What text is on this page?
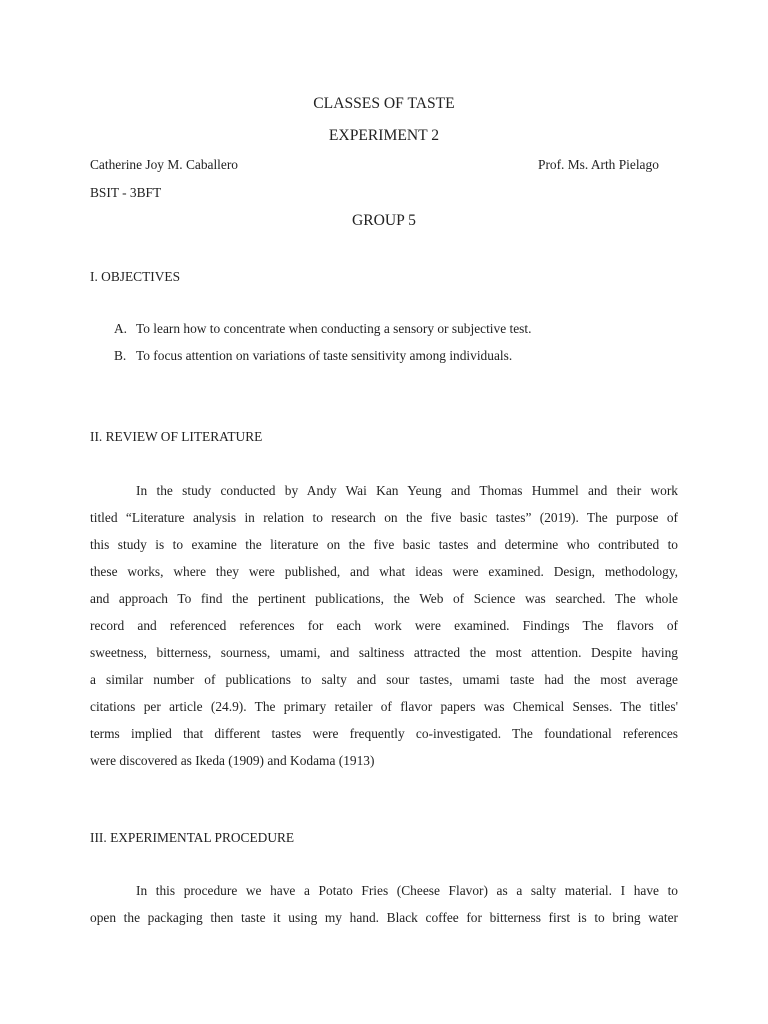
CLASSES OF TASTE
EXPERIMENT 2
Catherine Joy M. Caballero	Prof. Ms. Arth Pielago
BSIT - 3BFT
GROUP 5
I. OBJECTIVES
A. To learn how to concentrate when conducting a sensory or subjective test.
B. To focus attention on variations of taste sensitivity among individuals.
II. REVIEW OF LITERATURE
In the study conducted by Andy Wai Kan Yeung and Thomas Hummel and their work
titled “Literature analysis in relation to research on the five basic tastes” (2019). The purpose of
this study is to examine the literature on the five basic tastes and determine who contributed to
these works, where they were published, and what ideas were examined. Design, methodology,
and approach To find the pertinent publications, the Web of Science was searched. The whole
record and referenced references for each work were examined. Findings The flavors of
sweetness, bitterness, sourness, umami, and saltiness attracted the most attention. Despite having
a similar number of publications to salty and sour tastes, umami taste had the most average
citations per article (24.9). The primary retailer of flavor papers was Chemical Senses. The titles'
terms implied that different tastes were frequently co-investigated. The foundational references
were discovered as Ikeda (1909) and Kodama (1913)
III. EXPERIMENTAL PROCEDURE
In this procedure we have a Potato Fries (Cheese Flavor) as a salty material. I have to
open the packaging then taste it using my hand. Black coffee for bitterness first is to bring water
